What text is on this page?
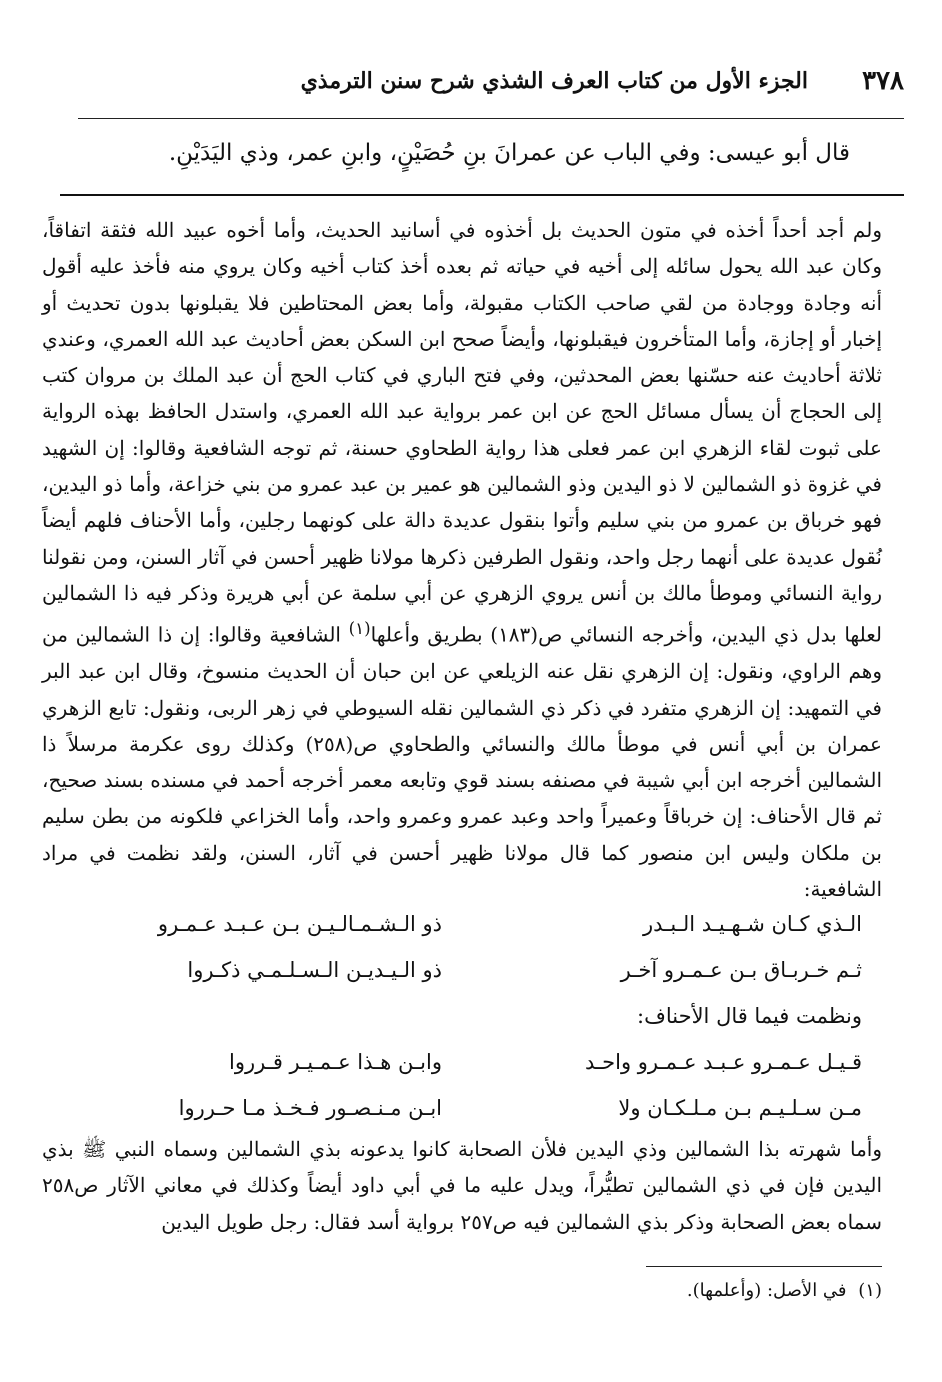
٣٧٨
الجزء الأول من كتاب العرف الشذي شرح سنن الترمذي
قال أبو عيسى: وفي الباب عن عمرانَ بنِ حُصَيْنٍ، وابنِ عمر، وذي اليَدَيْنِ.

ولم أجد أحداً أخذه في متون الحديث بل أخذوه في أسانيد الحديث، وأما أخوه عبيد الله فثقة اتفاقاً، وكان عبد الله يحول سائله إلى أخيه في حياته ثم بعده أخذ كتاب أخيه وكان يروي منه فأخذ عليه أقول أنه وجادة ووجادة من لقي صاحب الكتاب مقبولة، وأما بعض المحتاطين فلا يقبلونها بدون تحديث أو إخبار أو إجازة، وأما المتأخرون فيقبلونها، وأيضاً صحح ابن السكن بعض أحاديث عبد الله العمري، وعندي ثلاثة أحاديث عنه حسّنها بعض المحدثين، وفي فتح الباري في كتاب الحج أن عبد الملك بن مروان كتب إلى الحجاج أن يسأل مسائل الحج عن ابن عمر برواية عبد الله العمري، واستدل الحافظ بهذه الرواية على ثبوت لقاء الزهري ابن عمر فعلى هذا رواية الطحاوي حسنة، ثم توجه الشافعية وقالوا: إن الشهيد في غزوة ذو الشمالين لا ذو اليدين وذو الشمالين هو عمير بن عبد عمرو من بني خزاعة، وأما ذو اليدين، فهو خرباق بن عمرو من بني سليم وأتوا بنقول عديدة دالة على كونهما رجلين، وأما الأحناف فلهم أيضاً نُقول عديدة على أنهما رجل واحد، ونقول الطرفين ذكرها مولانا ظهير أحسن في آثار السنن، ومن نقولنا رواية النسائي وموطأ مالك بن أنس يروي الزهري عن أبي سلمة عن أبي هريرة وذكر فيه ذا الشمالين لعلها بدل ذي اليدين، وأخرجه النسائي ص(١٨٣) بطريق وأعلها$^{(١)}$ الشافعية وقالوا: إن ذا الشمالين من وهم الراوي، ونقول: إن الزهري نقل عنه الزيلعي عن ابن حبان أن الحديث منسوخ، وقال ابن عبد البر في التمهيد: إن الزهري متفرد في ذكر ذي الشمالين نقله السيوطي في زهر الربى، ونقول: تابع الزهري عمران بن أبي أنس في موطأ مالك والنسائي والطحاوي ص(٢٥٨) وكذلك روى عكرمة مرسلاً ذا الشمالين أخرجه ابن أبي شيبة في مصنفه بسند قوي وتابعه معمر أخرجه أحمد في مسنده بسند صحيح، ثم قال الأحناف: إن خرباقاً وعميراً واحد وعبد عمرو وعمرو واحد، وأما الخزاعي فلكونه من بطن سليم بن ملكان وليس ابن منصور كما قال مولانا ظهير أحسن في آثار، السنن، ولقد نظمت في مراد الشافعية:

الـذي كـان شـهـيـد الـبـدر
ذو الـشـمـالـيـن بـن عـبـد عـمـرو
ثـم خـربـاق بـن عـمـرو آخـر
ذو الـيـديـن الـسـلـمـي ذكـروا
ونظمت فيما قال الأحناف:
قـيـل عـمـرو عـبـد عـمـرو واحـد
وابـن هـذا عـمـيـر قـرروا
مـن سـلـيـم بـن مـلـكـان ولا
ابـن مـنـصـور فـخـذ مـا حـرروا

وأما شهرته بذا الشمالين وذي اليدين فلأن الصحابة كانوا يدعونه بذي الشمالين وسماه النبي ﷺ بذي اليدين فإن في ذي الشمالين تطيُّراً، ويدل عليه ما في أبي داود أيضاً وكذلك في معاني الآثار ص٢٥٨ سماه بعض الصحابة وذكر بذي الشمالين فيه ص٢٥٧ برواية أسد فقال: رجل طويل اليدين

(١) في الأصل: (وأعلمها).
